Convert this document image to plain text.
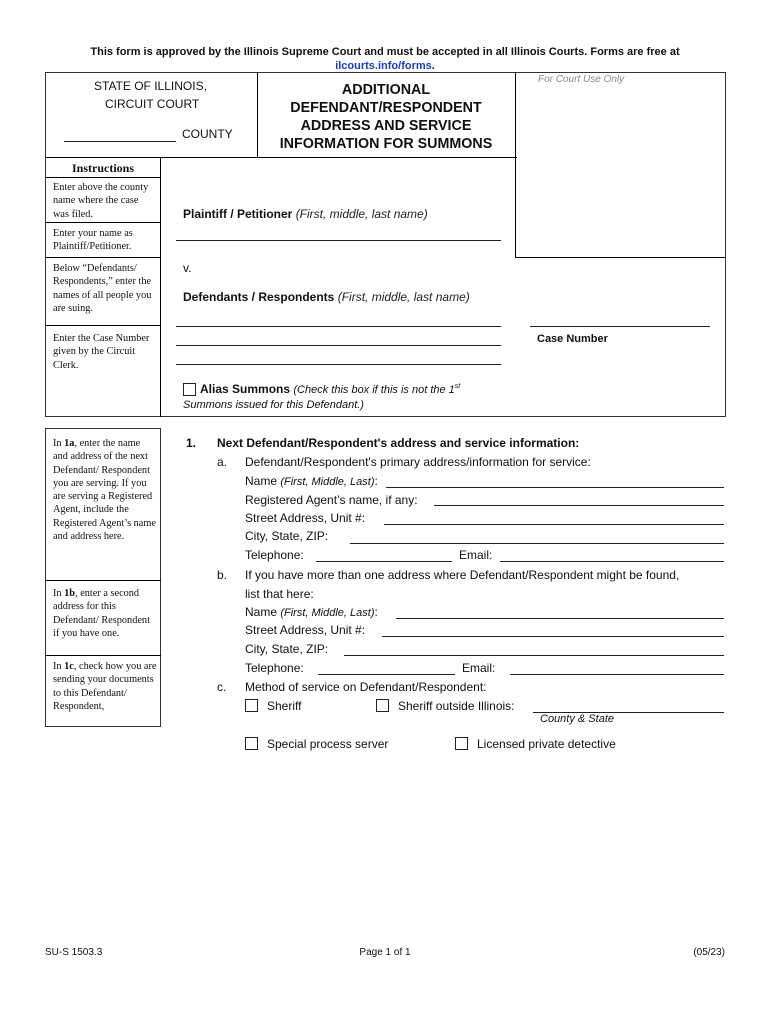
This form is approved by the Illinois Supreme Court and must be accepted in all Illinois Courts. Forms are free at
ilcourts.info/forms.
STATE OF ILLINOIS,
CIRCUIT COURT
COUNTY
ADDITIONAL
DEFENDANT/RESPONDENT
ADDRESS AND SERVICE
INFORMATION FOR SUMMONS
For Court Use Only
Instructions
Enter above the county name where the case was filed.
Enter your name as Plaintiff/Petitioner.
Below “Defendants/ Respondents,” enter the names of all people you are suing.
Enter the Case Number given by the Circuit Clerk.
Plaintiff / Petitioner (First, middle, last name)
v.
Defendants / Respondents (First, middle, last name)
Case Number
Alias Summons (Check this box if this is not the 1st
Summons issued for this Defendant.)
In 1a, enter the name and address of the next Defendant/ Respondent you are serving. If you are serving a Registered Agent, include the Registered Agent’s name and address here.
In 1b, enter a second address for this Defendant/ Respondent if you have one.
In 1c, check how you are sending your documents to this Defendant/ Respondent,
1. Next Defendant/Respondent's address and service information:
a. Defendant/Respondent's primary address/information for service:
Name (First, Middle, Last):
Registered Agent’s name, if any:
Street Address, Unit #:
City, State, ZIP:
Telephone:	Email:
b. If you have more than one address where Defendant/Respondent might be found,
list that here:
Name (First, Middle, Last):
Street Address, Unit #:
City, State, ZIP:
Telephone:	Email:
c. Method of service on Defendant/Respondent:
Sheriff	Sheriff outside Illinois:
County & State
Special process server	Licensed private detective
SU-S 1503.3	Page 1 of 1	(05/23)
